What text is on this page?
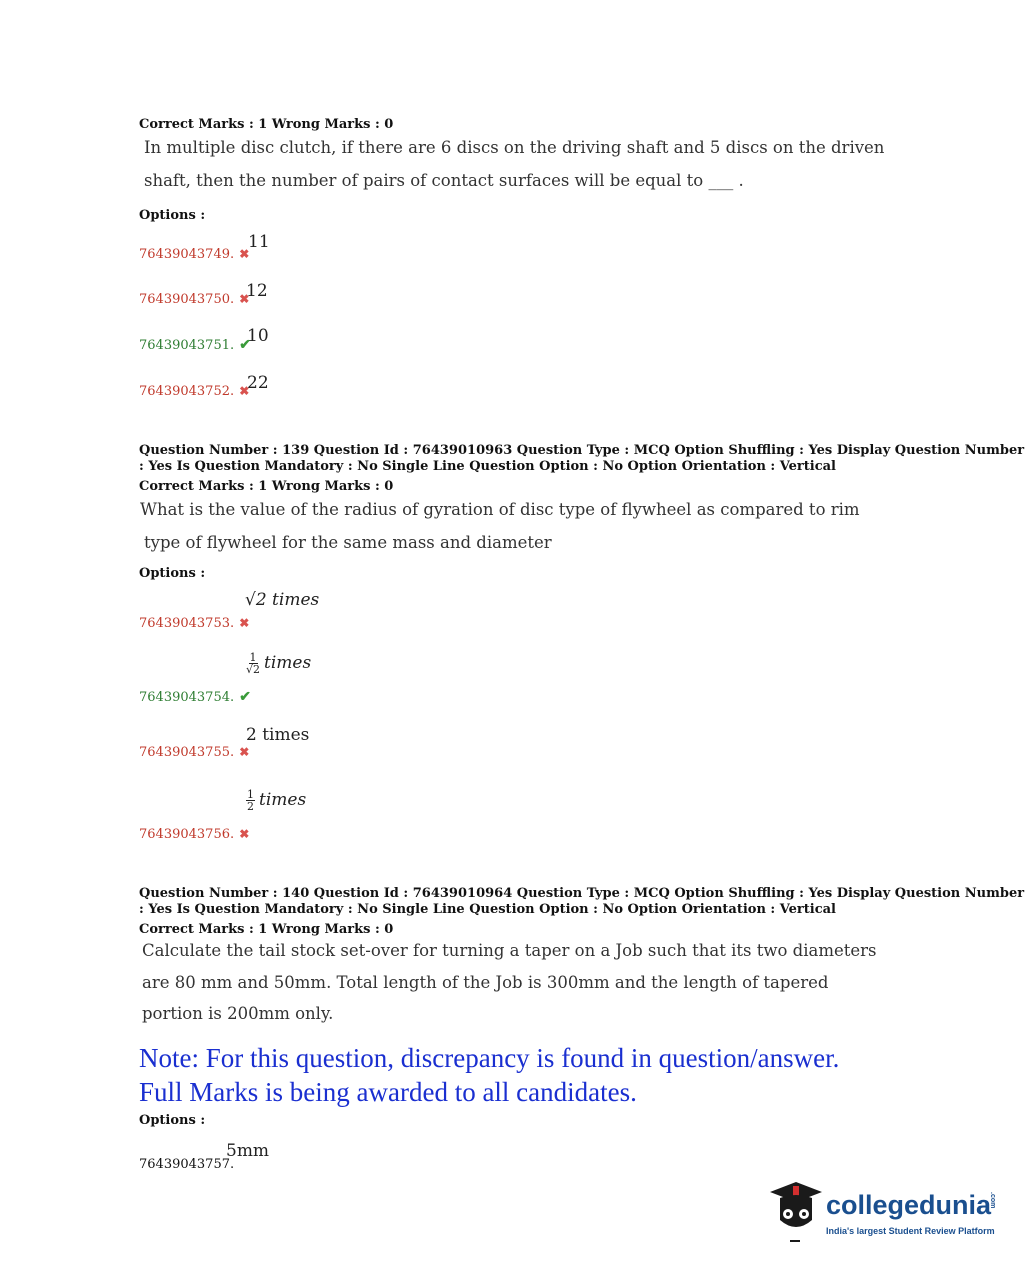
Correct Marks : 1 Wrong Marks : 0
In multiple disc clutch, if there are 6 discs on the driving shaft and 5 discs on the driven
shaft, then the number of pairs of contact surfaces will be equal to ___ .
Options :
76439043749. ✖
11
76439043750. ✖
12
76439043751. ✔
10
76439043752. ✖
22
Question Number : 139 Question Id : 76439010963 Question Type : MCQ Option Shuffling : Yes Display Question Number
: Yes Is Question Mandatory : No Single Line Question Option : No Option Orientation : Vertical
Correct Marks : 1 Wrong Marks : 0
What is the value of the radius of gyration of disc type of flywheel as compared to rim
type of flywheel for the same mass and diameter
Options :
√2 times
76439043753. ✖
$\frac{1}{√2}$ times
76439043754. ✔
2 times
76439043755. ✖
$\frac{1}{2}$ times
76439043756. ✖
Question Number : 140 Question Id : 76439010964 Question Type : MCQ Option Shuffling : Yes Display Question Number
: Yes Is Question Mandatory : No Single Line Question Option : No Option Orientation : Vertical
Correct Marks : 1 Wrong Marks : 0
Calculate the tail stock set-over for turning a taper on a Job such that its two diameters
are 80 mm and 50mm. Total length of the Job is 300mm and the length of tapered
portion is 200mm only.
Note: For this question, discrepancy is found in question/answer.
Full Marks is being awarded to all candidates.
Options :
5mm
76439043757.
collegedunia
.com
India's largest Student Review Platform
